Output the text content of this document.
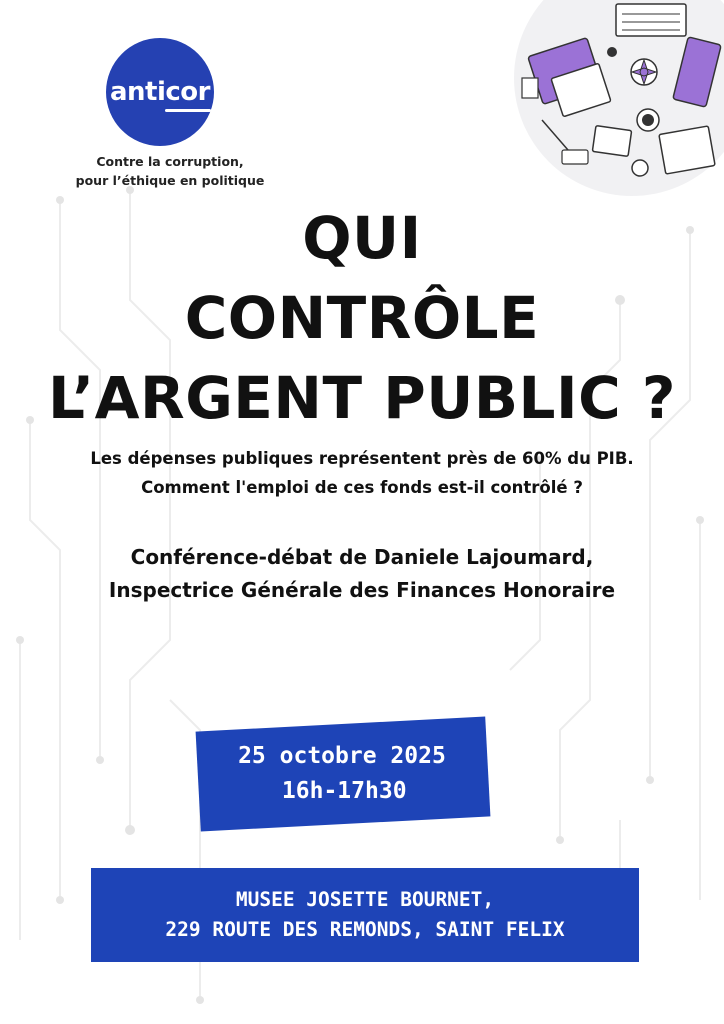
anticor
Contre la corruption,
pour l’éthique en politique
QUI
CONTRÔLE
L’ARGENT PUBLIC ?
Les dépenses publiques représentent près de 60% du PIB.
Comment l'emploi de ces fonds est-il contrôlé ?
Conférence-débat de Daniele Lajoumard,
Inspectrice Générale des Finances Honoraire
25 octobre 2025
16h-17h30
MUSEE JOSETTE BOURNET,
229 ROUTE DES REMONDS, SAINT FELIX
